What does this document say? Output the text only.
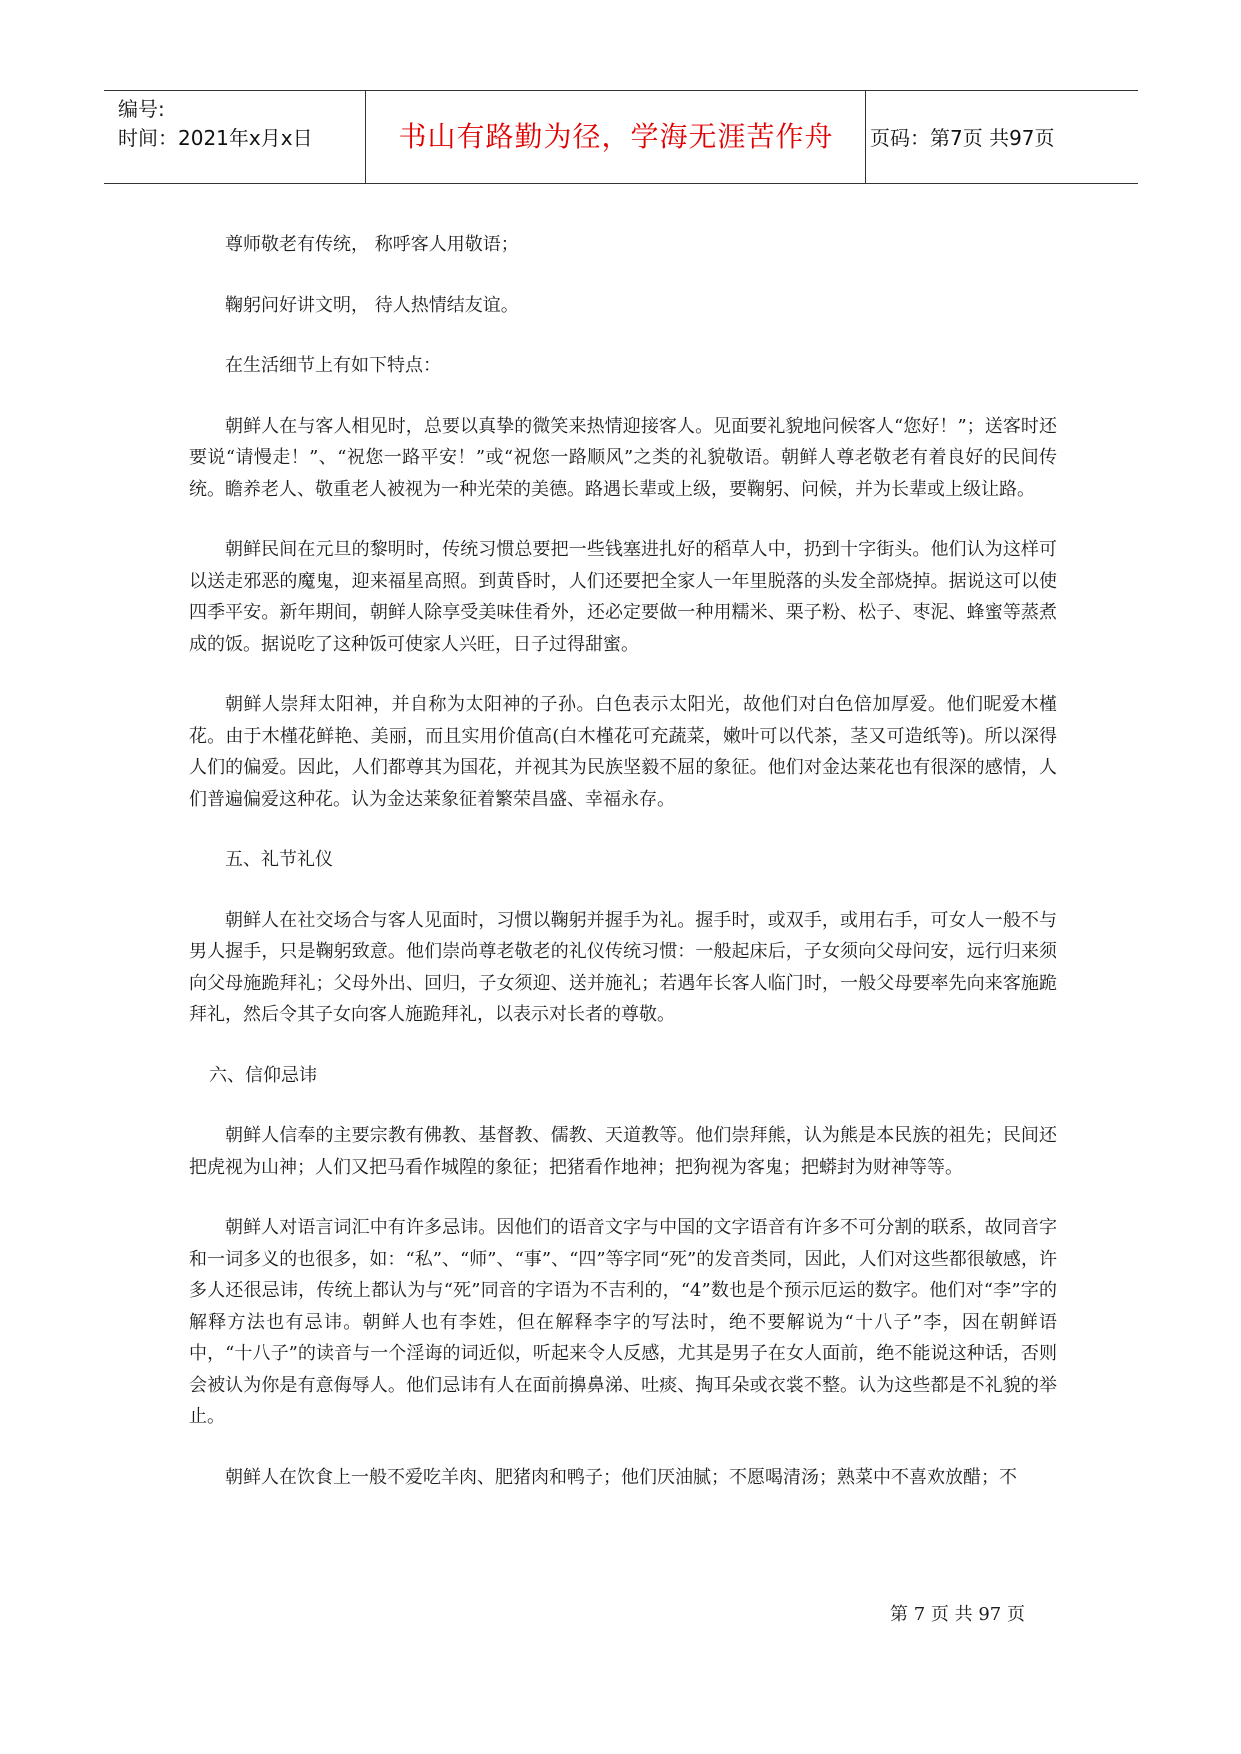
编号:
时间：2021年x月x日	书山有路勤为径，学海无涯苦作舟	页码：第7页 共97页

尊师敬老有传统， 称呼客人用敬语；

鞠躬问好讲文明， 待人热情结友谊。

在生活细节上有如下特点：

朝鲜人在与客人相见时，总要以真挚的微笑来热情迎接客人。见面要礼貌地问候客人“您好！”；送客时还要说“请慢走！”、“祝您一路平安！”或“祝您一路顺风”之类的礼貌敬语。朝鲜人尊老敬老有着良好的民间传统。瞻养老人、敬重老人被视为一种光荣的美德。路遇长辈或上级，要鞠躬、问候，并为长辈或上级让路。

朝鲜民间在元旦的黎明时，传统习惯总要把一些钱塞进扎好的稻草人中，扔到十字街头。他们认为这样可以送走邪恶的魔鬼，迎来福星高照。到黄昏时，人们还要把全家人一年里脱落的头发全部烧掉。据说这可以使四季平安。新年期间，朝鲜人除享受美味佳肴外，还必定要做一种用糯米、栗子粉、松子、枣泥、蜂蜜等蒸煮成的饭。据说吃了这种饭可使家人兴旺，日子过得甜蜜。

朝鲜人崇拜太阳神，并自称为太阳神的子孙。白色表示太阳光，故他们对白色倍加厚爱。他们昵爱木槿花。由于木槿花鲜艳、美丽，而且实用价值高(白木槿花可充蔬菜，嫩叶可以代茶，茎又可造纸等)。所以深得人们的偏爱。因此，人们都尊其为国花，并视其为民族坚毅不屈的象征。他们对金达莱花也有很深的感情，人们普遍偏爱这种花。认为金达莱象征着繁荣昌盛、幸福永存。

五、礼节礼仪

朝鲜人在社交场合与客人见面时，习惯以鞠躬并握手为礼。握手时，或双手，或用右手，可女人一般不与男人握手，只是鞠躬致意。他们崇尚尊老敬老的礼仪传统习惯：一般起床后，子女须向父母问安，远行归来须向父母施跪拜礼；父母外出、回归，子女须迎、送并施礼；若遇年长客人临门时，一般父母要率先向来客施跪拜礼，然后令其子女向客人施跪拜礼，以表示对长者的尊敬。

六、信仰忌讳

朝鲜人信奉的主要宗教有佛教、基督教、儒教、天道教等。他们崇拜熊，认为熊是本民族的祖先；民间还把虎视为山神；人们又把马看作城隍的象征；把猪看作地神；把狗视为客鬼；把蟒封为财神等等。

朝鲜人对语言词汇中有许多忌讳。因他们的语音文字与中国的文字语音有许多不可分割的联系，故同音字和一词多义的也很多，如：“私”、“师”、“事”、“四”等字同“死”的发音类同，因此，人们对这些都很敏感，许多人还很忌讳，传统上都认为与“死”同音的字语为不吉利的，“4”数也是个预示厄运的数字。他们对“李”字的解释方法也有忌讳。朝鲜人也有李姓，但在解释李字的写法时，绝不要解说为“十八子”李，因在朝鲜语中，“十八子”的读音与一个淫诲的词近似，听起来令人反感，尤其是男子在女人面前，绝不能说这种话，否则会被认为你是有意侮辱人。他们忌讳有人在面前擤鼻涕、吐痰、掏耳朵或衣裳不整。认为这些都是不礼貌的举止。

朝鲜人在饮食上一般不爱吃羊肉、肥猪肉和鸭子；他们厌油腻；不愿喝清汤；熟菜中不喜欢放醋；不

第 7 页 共 97 页
